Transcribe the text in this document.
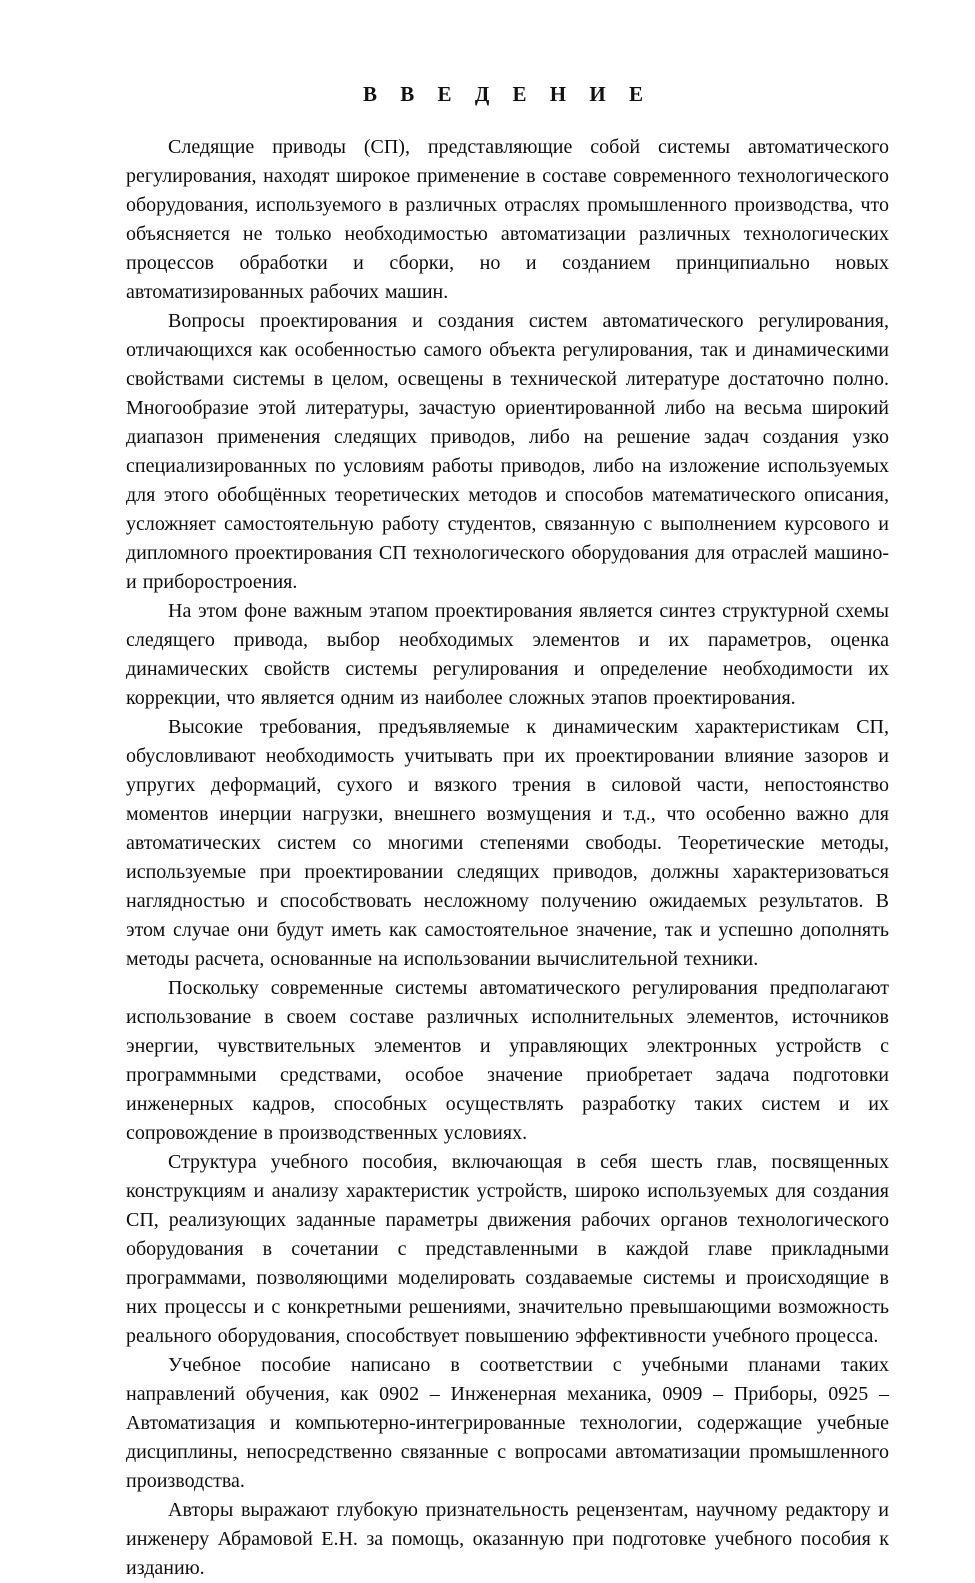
В В Е Д Е Н И Е

Следящие приводы (СП), представляющие собой системы автоматического регулирования, находят широкое применение в составе современного технологического оборудования, используемого в различных отраслях промышленного производства, что объясняется не только необходимостью автоматизации различных технологических процессов обработки и сборки, но и созданием принципиально новых автоматизированных рабочих машин.

Вопросы проектирования и создания систем автоматического регулирования, отличающихся как особенностью самого объекта регулирования, так и динамическими свойствами системы в целом, освещены в технической литературе достаточно полно. Многообразие этой литературы, зачастую ориентированной либо на весьма широкий диапазон применения следящих приводов, либо на решение задач создания узко специализированных по условиям работы приводов, либо на изложение используемых для этого обобщённых теоретических методов и способов математического описания, усложняет самостоятельную работу студентов, связанную с выполнением курсового и дипломного проектирования СП технологического оборудования для отраслей машино- и приборостроения.

На этом фоне важным этапом проектирования является синтез структурной схемы следящего привода, выбор необходимых элементов и их параметров, оценка динамических свойств системы регулирования и определение необходимости их коррекции, что является одним из наиболее сложных этапов проектирования.

Высокие требования, предъявляемые к динамическим характеристикам СП, обусловливают необходимость учитывать при их проектировании влияние зазоров и упругих деформаций, сухого и вязкого трения в силовой части, непостоянство моментов инерции нагрузки, внешнего возмущения и т.д., что особенно важно для автоматических систем со многими степенями свободы. Теоретические методы, используемые при проектировании следящих приводов, должны характеризоваться наглядностью и способствовать несложному получению ожидаемых результатов. В этом случае они будут иметь как самостоятельное значение, так и успешно дополнять методы расчета, основанные на использовании вычислительной техники.

Поскольку современные системы автоматического регулирования предполагают использование в своем составе различных исполнительных элементов, источников энергии, чувствительных элементов и управляющих электронных устройств с программными средствами, особое значение приобретает задача подготовки инженерных кадров, способных осуществлять разработку таких систем и их сопровождение в производственных условиях.

Структура учебного пособия, включающая в себя шесть глав, посвященных конструкциям и анализу характеристик устройств, широко используемых для создания СП, реализующих заданные параметры движения рабочих органов технологического оборудования в сочетании с представленными в каждой главе прикладными программами, позволяющими моделировать создаваемые системы и происходящие в них процессы и с конкретными решениями, значительно превышающими возможность реального оборудования, способствует повышению эффективности учебного процесса.

Учебное пособие написано в соответствии с учебными планами таких направлений обучения, как 0902 – Инженерная механика, 0909 – Приборы, 0925 – Автоматизация и компьютерно-интегрированные технологии, содержащие учебные дисциплины, непосредственно связанные с вопросами автоматизации промышленного производства.

Авторы выражают глубокую признательность рецензентам, научному редактору и инженеру Абрамовой Е.Н. за помощь, оказанную при подготовке учебного пособия к изданию.
